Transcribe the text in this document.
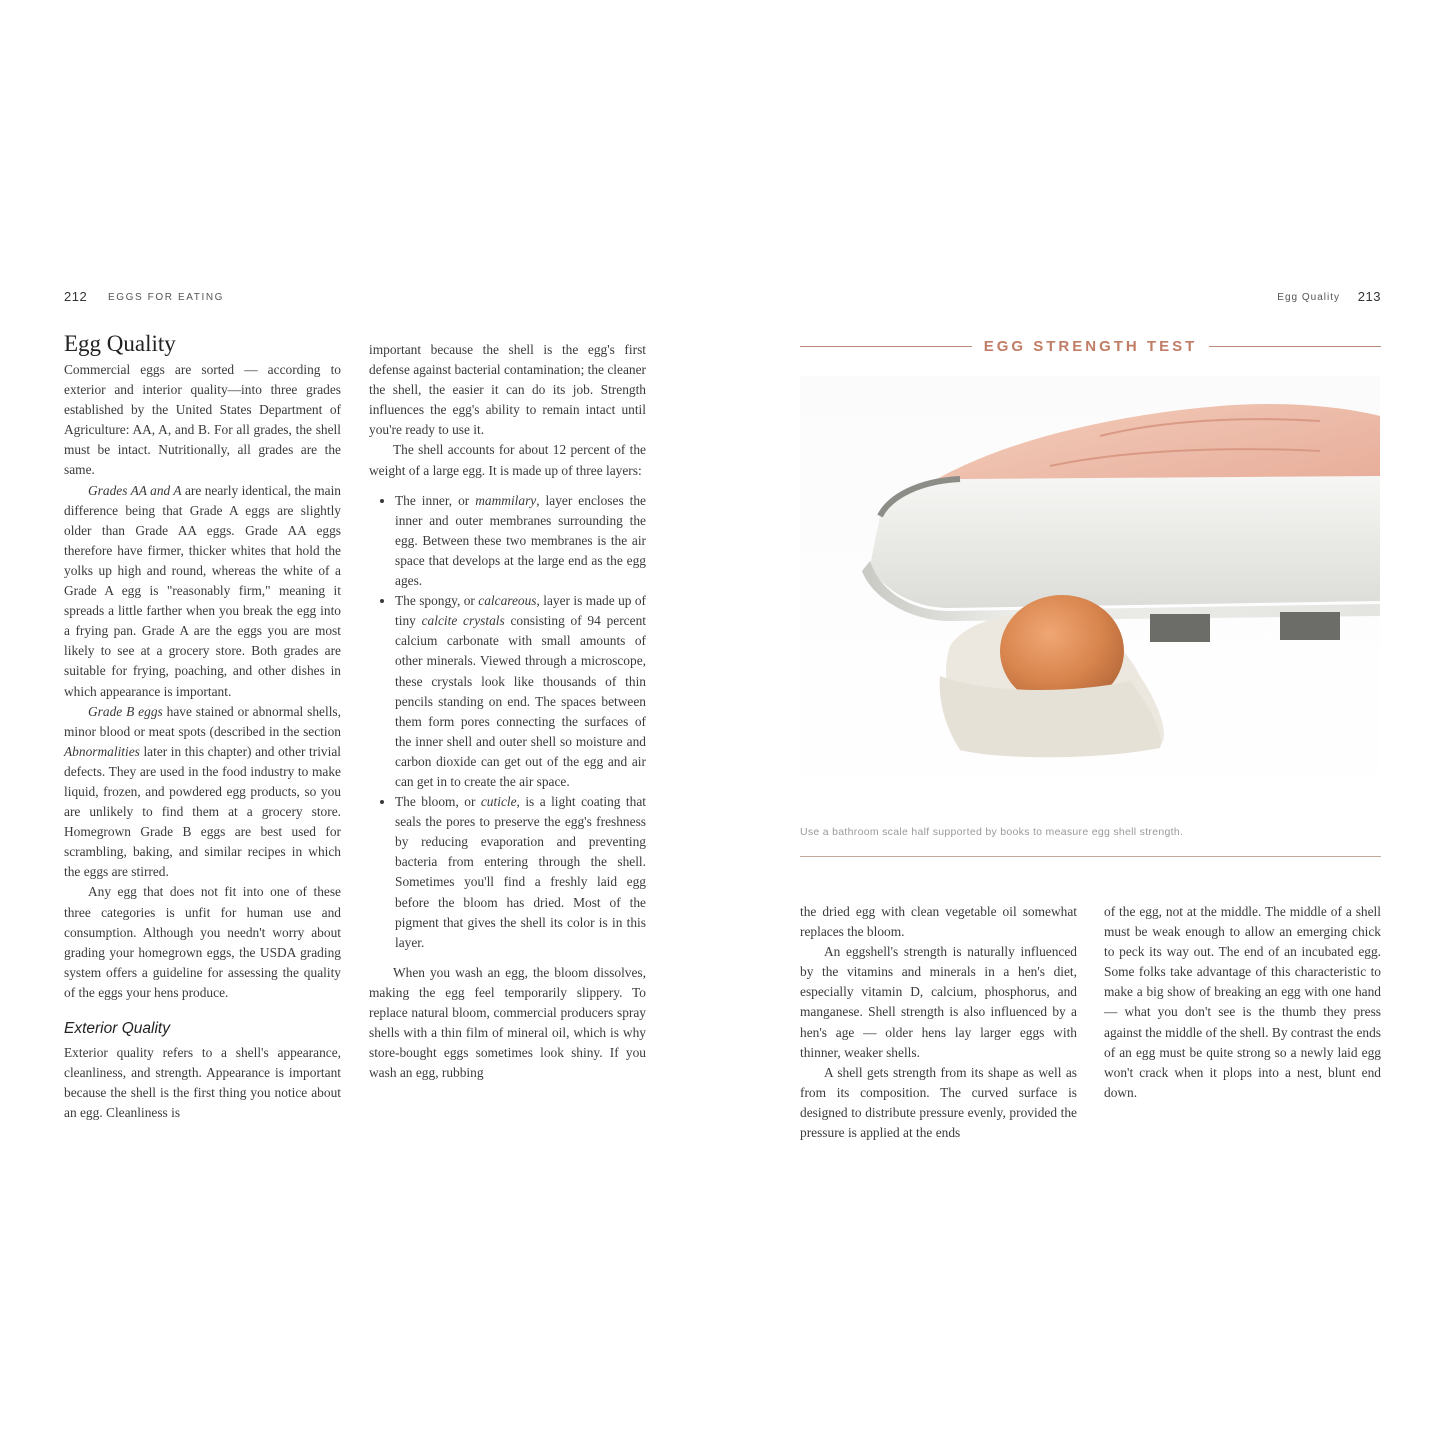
212 EGGS FOR EATING	Egg Quality 213
Egg Quality

Commercial eggs are sorted — according to exterior and interior quality—into three grades established by the United States Department of Agriculture: AA, A, and B. For all grades, the shell must be intact. Nutritionally, all grades are the same.

Grades AA and A are nearly identical, the main difference being that Grade A eggs are slightly older than Grade AA eggs. Grade AA eggs therefore have firmer, thicker whites that hold the yolks up high and round, whereas the white of a Grade A egg is "reasonably firm," meaning it spreads a little farther when you break the egg into a frying pan. Grade A are the eggs you are most likely to see at a grocery store. Both grades are suitable for frying, poaching, and other dishes in which appearance is important.

Grade B eggs have stained or abnormal shells, minor blood or meat spots (described in the section Abnormalities later in this chapter) and other trivial defects. They are used in the food industry to make liquid, frozen, and powdered egg products, so you are unlikely to find them at a grocery store. Homegrown Grade B eggs are best used for scrambling, baking, and similar recipes in which the eggs are stirred.

Any egg that does not fit into one of these three categories is unfit for human use and consumption. Although you needn't worry about grading your homegrown eggs, the USDA grading system offers a guideline for assessing the quality of the eggs your hens produce.

Exterior Quality

Exterior quality refers to a shell's appearance, cleanliness, and strength. Appearance is important because the shell is the first thing you notice about an egg. Cleanliness is

important because the shell is the egg's first defense against bacterial contamination; the cleaner the shell, the easier it can do its job. Strength influences the egg's ability to remain intact until you're ready to use it.

The shell accounts for about 12 percent of the weight of a large egg. It is made up of three layers:

• The inner, or mammilary, layer encloses the inner and outer membranes surrounding the egg. Between these two membranes is the air space that develops at the large end as the egg ages.
• The spongy, or calcareous, layer is made up of tiny calcite crystals consisting of 94 percent calcium carbonate with small amounts of other minerals. Viewed through a microscope, these crystals look like thousands of thin pencils standing on end. The spaces between them form pores connecting the surfaces of the inner shell and outer shell so moisture and carbon dioxide can get out of the egg and air can get in to create the air space.
• The bloom, or cuticle, is a light coating that seals the pores to preserve the egg's freshness by reducing evaporation and preventing bacteria from entering through the shell. Sometimes you'll find a freshly laid egg before the bloom has dried. Most of the pigment that gives the shell its color is in this layer.

When you wash an egg, the bloom dissolves, making the egg feel temporarily slippery. To replace natural bloom, commercial producers spray shells with a thin film of mineral oil, which is why store-bought eggs sometimes look shiny. If you wash an egg, rubbing

EGG STRENGTH TEST
Use a bathroom scale half supported by books to measure egg shell strength.

the dried egg with clean vegetable oil somewhat replaces the bloom.

An eggshell's strength is naturally influenced by the vitamins and minerals in a hen's diet, especially vitamin D, calcium, phosphorus, and manganese. Shell strength is also influenced by a hen's age — older hens lay larger eggs with thinner, weaker shells.

A shell gets strength from its shape as well as from its composition. The curved surface is designed to distribute pressure evenly, provided the pressure is applied at the ends

of the egg, not at the middle. The middle of a shell must be weak enough to allow an emerging chick to peck its way out. The end of an incubated egg. Some folks take advantage of this characteristic to make a big show of breaking an egg with one hand — what you don't see is the thumb they press against the middle of the shell. By contrast the ends of an egg must be quite strong so a newly laid egg won't crack when it plops into a nest, blunt end down.
